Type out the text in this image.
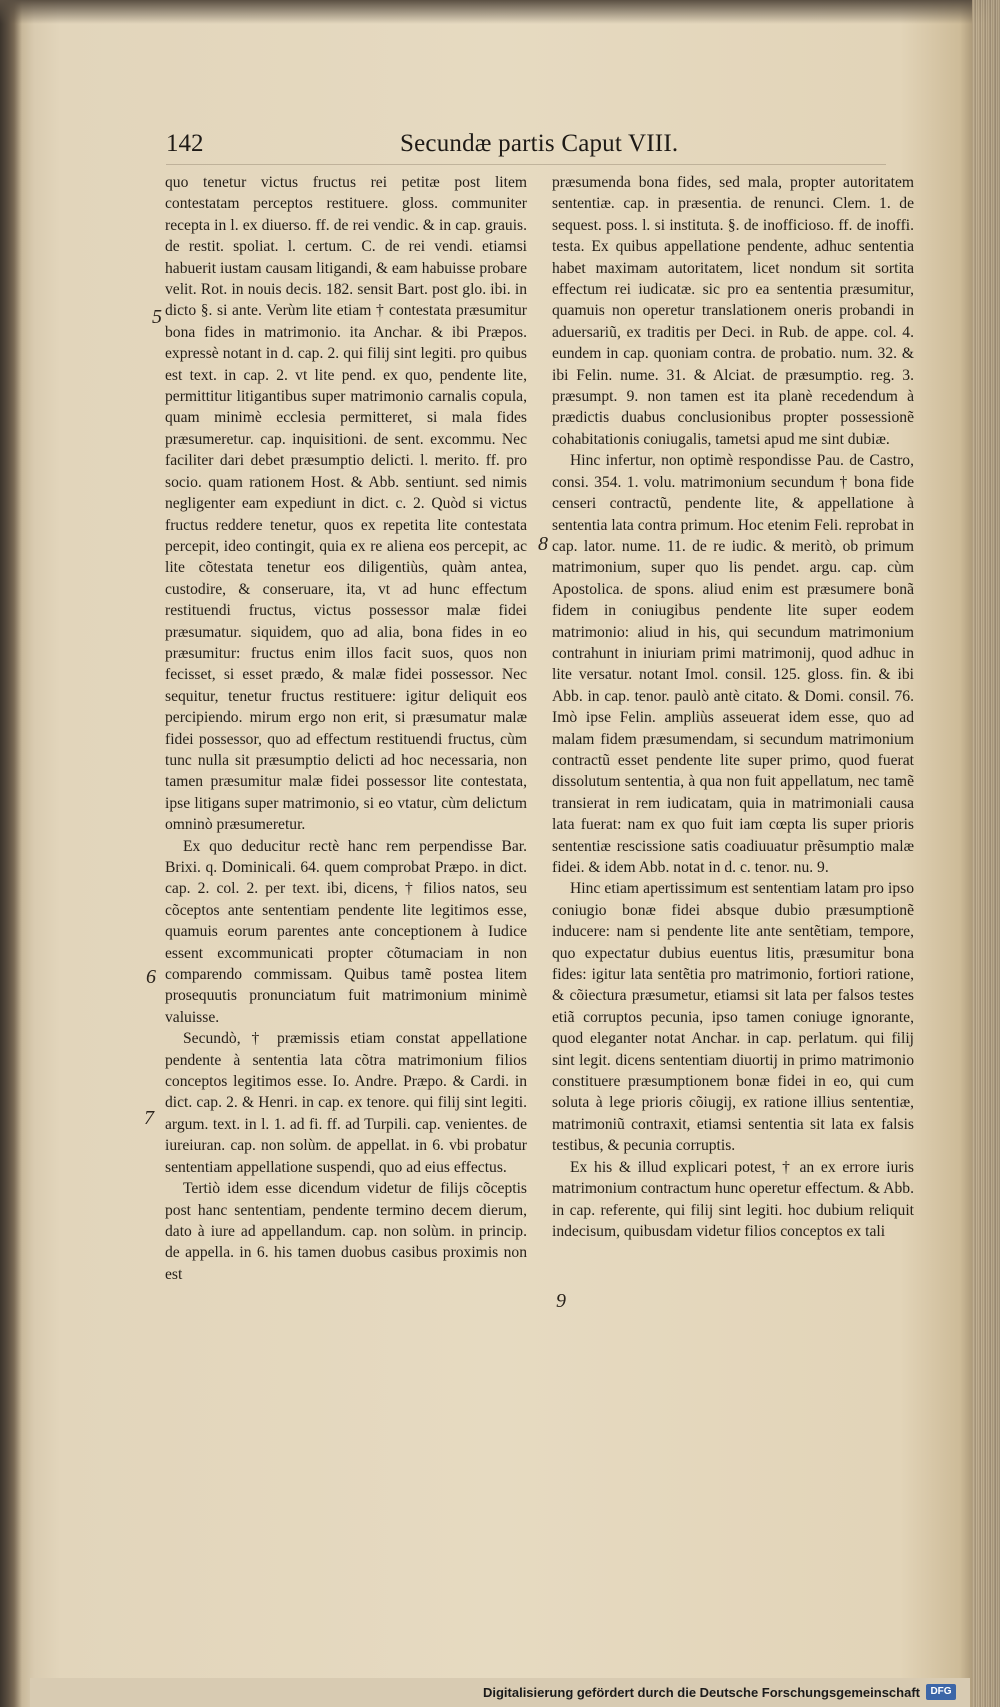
142	Secundæ partis Caput VIII.

quo tenetur victus fructus rei petitæ post litem contestatam perceptos restituere. gloss. communiter recepta in l. ex diuerso. ff. de rei vendic. & in cap. grauis. de restit. spoliat. l. certum. C. de rei vendi. etiamsi habuerit iustam causam litigandi, & eam habuisse probare velit. Rot. in nouis decis. 182. sensit Bart. post glo. ibi. in dicto §. si ante. Verùm lite etiam † contestata præsumitur bona fides in matrimonio. ita Anchar. & ibi Præpos. expressè notant in d. cap. 2. qui filij sint legiti. pro quibus est text. in cap. 2. vt lite pend. ex quo, pendente lite, permittitur litigantibus super matrimonio carnalis copula, quam minimè ecclesia permitteret, si mala fides præsumeretur. cap. inquisitioni. de sent. excommu. Nec faciliter dari debet præsumptio delicti. l. merito. ff. pro socio. quam rationem Host. & Abb. sentiunt. sed nimis negligenter eam expediunt in dict. c. 2. Quòd si victus fructus reddere tenetur, quos ex repetita lite contestata percepit, ideo contingit, quia ex re aliena eos percepit, ac lite cõtestata tenetur eos diligentiùs, quàm antea, custodire, & conseruare, ita, vt ad hunc effectum restituendi fructus, victus possessor malæ fidei præsumatur. siquidem, quo ad alia, bona fides in eo præsumitur: fructus enim illos facit suos, quos non fecisset, si esset prædo, & malæ fidei possessor. Nec sequitur, tenetur fructus restituere: igitur deliquit eos percipiendo. mirum ergo non erit, si præsumatur malæ fidei possessor, quo ad effectum restituendi fructus, cùm tunc nulla sit præsumptio delicti ad hoc necessaria, non tamen præsumitur malæ fidei possessor lite contestata, ipse litigans super matrimonio, si eo vtatur, cùm delictum omninò præsumeretur.

Ex quo deducitur rectè hanc rem perpendisse Bar. Brixi. q. Dominicali. 64. quem comprobat Præpo. in dict. cap. 2. col. 2. per text. ibi, dicens, † filios natos, seu cõceptos ante sententiam pendente lite legitimos esse, quamuis eorum parentes ante conceptionem à Iudice essent excommunicati propter cõtumaciam in non comparendo commissam. Quibus tamẽ postea litem prosequutis pronunciatum fuit matrimonium minimè valuisse.

Secundò, † præmissis etiam constat appellatione pendente à sententia lata cõtra matrimonium filios conceptos legitimos esse. Io. Andre. Præpo. & Cardi. in dict. cap. 2. & Henri. in cap. ex tenore. qui filij sint legiti. argum. text. in l. 1. ad fi. ff. ad Turpili. cap. venientes. de iureiuran. cap. non solùm. de appellat. in 6. vbi probatur sententiam appellatione suspendi, quo ad eius effectus.

Tertiò idem esse dicendum videtur de filijs cõceptis post hanc sententiam, pendente termino decem dierum, dato à iure ad appellandum. cap. non solùm. in princip. de appella. in 6. his tamen duobus casibus proximis non est

præsumenda bona fides, sed mala, propter autoritatem sententiæ. cap. in præsentia. de renunci. Clem. 1. de sequest. poss. l. si instituta. §. de inofficioso. ff. de inoffi. testa. Ex quibus appellatione pendente, adhuc sententia habet maximam autoritatem, licet nondum sit sortita effectum rei iudicatæ. sic pro ea sententia præsumitur, quamuis non operetur translationem oneris probandi in aduersariũ, ex traditis per Deci. in Rub. de appe. col. 4. eundem in cap. quoniam contra. de probatio. num. 32. & ibi Felin. nume. 31. & Alciat. de præsumptio. reg. 3. præsumpt. 9. non tamen est ita planè recedendum à prædictis duabus conclusionibus propter possessionẽ cohabitationis coniugalis, tametsi apud me sint dubiæ.

Hinc infertur, non optimè respondisse Pau. de Castro, consi. 354. 1. volu. matrimonium secundum † bona fide censeri contractũ, pendente lite, & appellatione à sententia lata contra primum. Hoc etenim Feli. reprobat in cap. lator. nume. 11. de re iudic. & meritò, ob primum matrimonium, super quo lis pendet. argu. cap. cùm Apostolica. de spons. aliud enim est præsumere bonã fidem in coniugibus pendente lite super eodem matrimonio: aliud in his, qui secundum matrimonium contrahunt in iniuriam primi matrimonij, quod adhuc in lite versatur. notant Imol. consil. 125. gloss. fin. & ibi Abb. in cap. tenor. paulò antè citato. & Domi. consil. 76. Imò ipse Felin. ampliùs asseuerat idem esse, quo ad malam fidem præsumendam, si secundum matrimonium contractũ esset pendente lite super primo, quod fuerat dissolutum sententia, à qua non fuit appellatum, nec tamẽ transierat in rem iudicatam, quia in matrimoniali causa lata fuerat: nam ex quo fuit iam cœpta lis super prioris sententiæ rescissione satis coadiuuatur prẽsumptio malæ fidei. & idem Abb. notat in d. c. tenor. nu. 9.

Hinc etiam apertissimum est sententiam latam pro ipso coniugio bonæ fidei absque dubio præsumptionẽ inducere: nam si pendente lite ante sentẽtiam, tempore, quo expectatur dubius euentus litis, præsumitur bona fides: igitur lata sentẽtia pro matrimonio, fortiori ratione, & cõiectura præsumetur, etiamsi sit lata per falsos testes etiã corruptos pecunia, ipso tamen coniuge ignorante, quod eleganter notat Anchar. in cap. perlatum. qui filij sint legit. dicens sententiam diuortij in primo matrimonio constituere præsumptionem bonæ fidei in eo, qui cum soluta à lege prioris cõiugij, ex ratione illius sententiæ, matrimoniũ contraxit, etiamsi sententia sit lata ex falsis testibus, & pecunia corruptis.

Ex his & illud explicari potest, † an ex errore iuris matrimonium contractum hunc operetur effectum. & Abb. in cap. referente, qui filij sint legiti. hoc dubium reliquit indecisum, quibusdam videtur filios conceptos ex tali

5
6
7
8
9
Digitalisierung gefördert durch die Deutsche Forschungsgemeinschaft	DFG
